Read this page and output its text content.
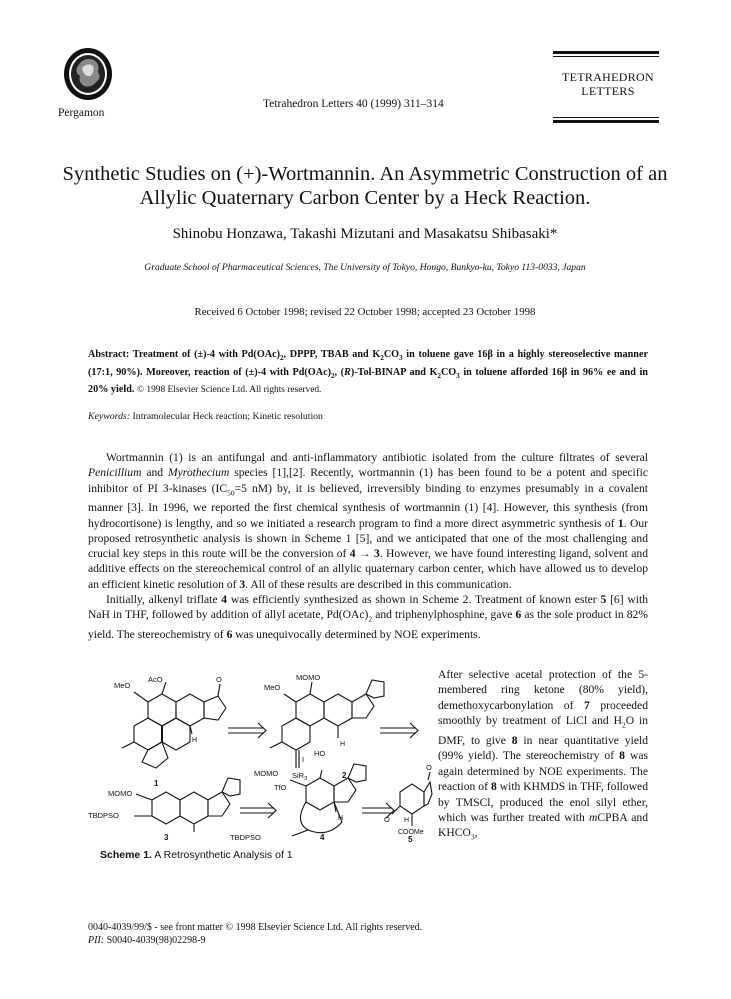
Pergamon
Tetrahedron Letters 40 (1999) 311–314
TETRAHEDRON
LETTERS
Synthetic Studies on (+)-Wortmannin. An Asymmetric Construction of an
Allylic Quaternary Carbon Center by a Heck Reaction.
Shinobu Honzawa, Takashi Mizutani and Masakatsu Shibasaki*
Graduate School of Pharmaceutical Sciences, The University of Tokyo, Hongo, Bunkyo-ku, Tokyo 113-0033, Japan
Received 6 October 1998; revised 22 October 1998; accepted 23 October 1998
Abstract: Treatment of (±)-4 with $Pd(OAc)_2$, DPPP, TBAB and $K_2CO_3$ in toluene gave 16β in a highly stereoselective manner (17:1, 90%). Moreover, reaction of (±)-4 with $Pd(OAc)_2$, (R)-Tol-BINAP and $K_2CO_3$ in toluene afforded 16β in 96% ee and in 20% yield. © 1998 Elsevier Science Ltd. All rights reserved.
Keywords: Intramolecular Heck reaction; Kinetic resolution

Wortmannin (1) is an antifungal and anti-inflammatory antibiotic isolated from the culture filtrates of several Penicillium and Myrothecium species [1],[2]. Recently, wortmannin (1) has been found to be a potent and specific inhibitor of PI 3-kinases ($IC_{50}=5$ nM) by, it is believed, irreversibly binding to enzymes presumably in a covalent manner [3]. In 1996, we reported the first chemical synthesis of wortmannin (1) [4]. However, this synthesis (from hydrocortisone) is lengthy, and so we initiated a research program to find a more direct asymmetric synthesis of 1. Our proposed retrosynthetic analysis is shown in Scheme 1 [5], and we anticipated that one of the most challenging and crucial key steps in this route will be the conversion of 4 → 3. However, we have found interesting ligand, solvent and additive effects on the stereochemical control of an allylic quaternary carbon center, which have allowed us to develop an efficient kinetic resolution of 3. All of these results are described in this communication.

Initially, alkenyl triflate 4 was efficiently synthesized as shown in Scheme 2. Treatment of known ester 5 [6] with NaH in THF, followed by addition of allyl acetate, $Pd(OAc)_2$ and triphenylphosphine, gave 6 as the sole product in 82% yield. The stereochemistry of 6 was unequivocally determined by NOE experiments.

After selective acetal protection of the 5-membered ring ketone (80% yield), demethoxycarbonylation of 7 proceeded smoothly by treatment of LiCl and $H_2O$ in DMF, to give 8 in near quantitative yield (99% yield). The stereochemistry of 8 was again determined by NOE experiments. The reaction of 8 with KHMDS in THF, followed by TMSCl, produced the enol silyl ether, which was further treated with mCPBA and $KHCO_3$,
MeO
AcO	O
H
1
MOMO
MeO
I
HO
H
SiR$_3$	2
MOMO
TBDPSO
3
MOMO
TfO
H
TBDPSO	4
O
O H
COOMe
5
Scheme 1. A Retrosynthetic Analysis of 1
0040-4039/99/$ - see front matter © 1998 Elsevier Science Ltd. All rights reserved.
PII: S0040-4039(98)02298-9
